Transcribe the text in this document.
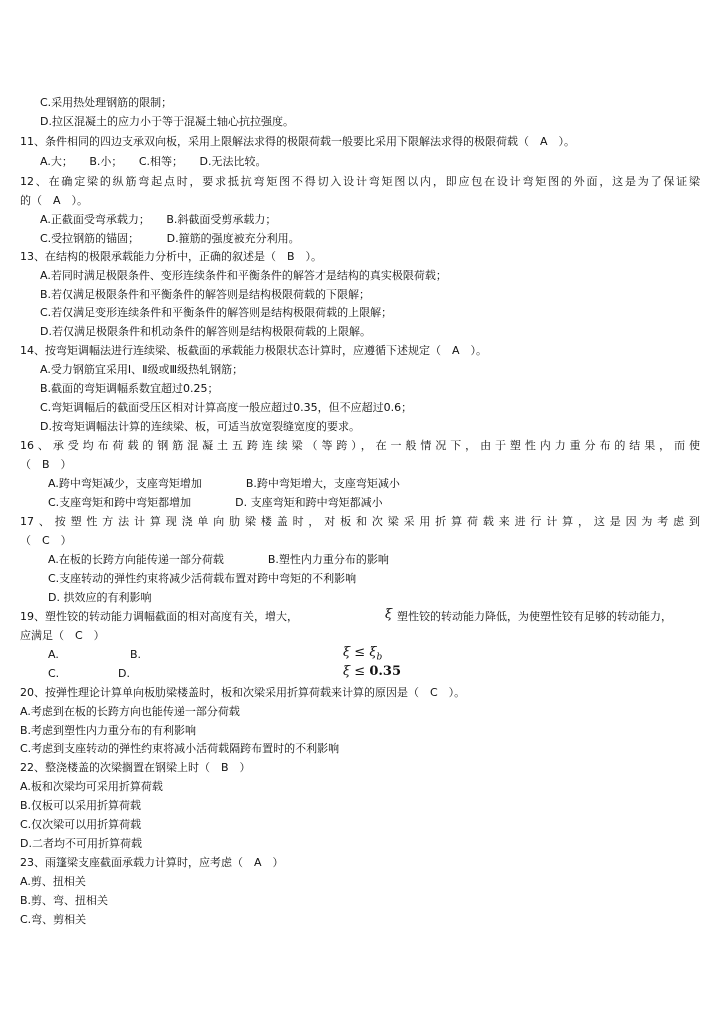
C.采用热处理钢筋的限制；
D.拉区混凝土的应力小于等于混凝土轴心抗拉强度。
11、条件相同的四边支承双向板，采用上限解法求得的极限荷载一般要比采用下限解法求得的极限荷载（　A　）。
A.大；　　B.小；　　C.相等；　　D.无法比较。
12、在确定梁的纵筋弯起点时，要求抵抗弯矩图不得切入设计弯矩图以内，即应包在设计弯矩图的外面，这是为了保证梁
的（　A　）。
A.正截面受弯承载力；　　B.斜截面受剪承载力；
C.受拉钢筋的锚固；　　　D.箍筋的强度被充分利用。
13、在结构的极限承载能力分析中，正确的叙述是（　B　）。
A.若同时满足极限条件、变形连续条件和平衡条件的解答才是结构的真实极限荷载；
B.若仅满足极限条件和平衡条件的解答则是结构极限荷载的下限解；
C.若仅满足变形连续条件和平衡条件的解答则是结构极限荷载的上限解；
D.若仅满足极限条件和机动条件的解答则是结构极限荷载的上限解。
14、按弯矩调幅法进行连续梁、板截面的承载能力极限状态计算时，应遵循下述规定（　A　）。
A.受力钢筋宜采用Ⅰ、Ⅱ级或Ⅲ级热轧钢筋；
B.截面的弯矩调幅系数宜超过0.25；
C.弯矩调幅后的截面受压区相对计算高度一般应超过0.35，但不应超过0.6；
D.按弯矩调幅法计算的连续梁、板，可适当放宽裂缝宽度的要求。
16、承受均布荷载的钢筋混凝土五跨连续梁（等跨），在一般情况下，由于塑性内力重分布的结果，而使
（　B　）
A.跨中弯矩减少，支座弯矩增加　　　　B.跨中弯矩增大，支座弯矩减小
C.支座弯矩和跨中弯矩都增加　　　　D. 支座弯矩和跨中弯矩都减小
17、按塑性方法计算现浇单向肋梁楼盖时，对板和次梁采用折算荷载来进行计算，这是因为考虑到
（　C　）
A.在板的长跨方向能传递一部分荷载　　　　B.塑性内力重分布的影响
C.支座转动的弹性约束将减少活荷载布置对跨中弯矩的不利影响
D. 拱效应的有利影响
19、塑性铰的转动能力调幅截面的相对高度有关，增大，	ξ 塑性铰的转动能力降低，为使塑性铰有足够的转动能力，
应满足（　C　）
A.	B.	$\xi \le \xi_b$
C.	D.	ξ ≤ 0.35
20、按弹性理论计算单向板肋梁楼盖时，板和次梁采用折算荷载来计算的原因是（　C　）。
A.考虑到在板的长跨方向也能传递一部分荷载
B.考虑到塑性内力重分布的有利影响
C.考虑到支座转动的弹性约束将减小活荷载隔跨布置时的不利影响
22、整浇楼盖的次梁搁置在钢梁上时（　B　）
A.板和次梁均可采用折算荷载
B.仅板可以采用折算荷载
C.仅次梁可以用折算荷载
D.二者均不可用折算荷载
23、雨篷梁支座截面承载力计算时，应考虑（　A　）
A.剪、扭相关
B.剪、弯、扭相关
C.弯、剪相关
